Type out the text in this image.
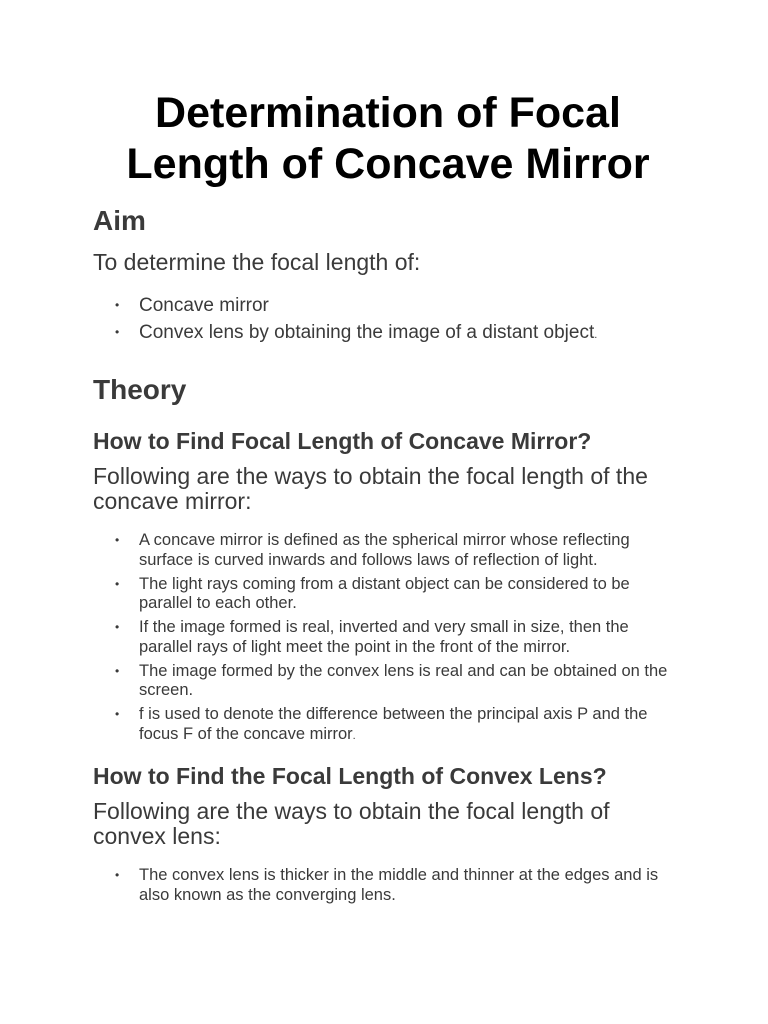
Determination of Focal Length of Concave Mirror
Aim

To determine the focal length of:

• Concave mirror
• Convex lens by obtaining the image of a distant object.
Theory
How to Find Focal Length of Concave Mirror?

Following are the ways to obtain the focal length of the concave mirror:

• A concave mirror is defined as the spherical mirror whose reflecting surface is curved inwards and follows laws of reflection of light.
• The light rays coming from a distant object can be considered to be parallel to each other.
• If the image formed is real, inverted and very small in size, then the parallel rays of light meet the point in the front of the mirror.
• The image formed by the convex lens is real and can be obtained on the screen.
• f is used to denote the difference between the principal axis P and the focus F of the concave mirror.
How to Find the Focal Length of Convex Lens?

Following are the ways to obtain the focal length of convex lens:

• The convex lens is thicker in the middle and thinner at the edges and is also known as the converging lens.
